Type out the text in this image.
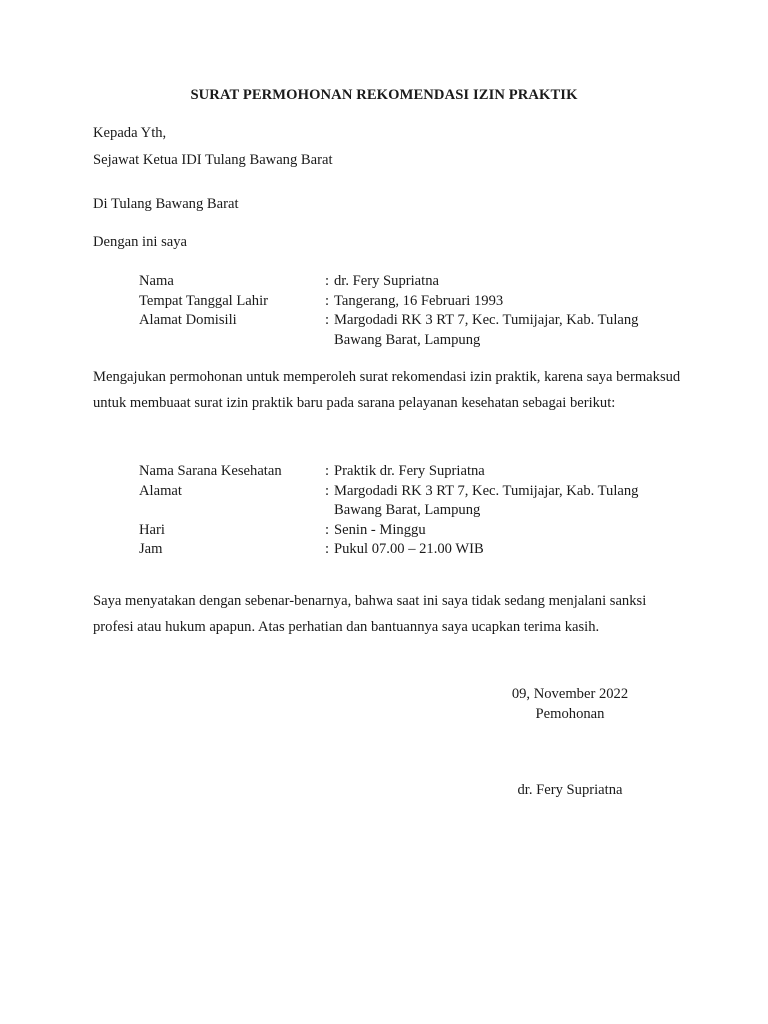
SURAT PERMOHONAN REKOMENDASI IZIN PRAKTIK
Kepada Yth,
Sejawat Ketua IDI Tulang Bawang Barat
Di Tulang Bawang Barat
Dengan ini saya
Nama	: dr. Fery Supriatna
Tempat Tanggal Lahir	: Tangerang, 16 Februari 1993
Alamat Domisili	: Margodadi RK 3 RT 7, Kec. Tumijajar, Kab. Tulang Bawang Barat, Lampung
Mengajukan permohonan untuk memperoleh surat rekomendasi izin praktik, karena saya bermaksud untuk membuaat surat izin praktik baru pada sarana pelayanan kesehatan sebagai berikut:
Nama Sarana Kesehatan	: Praktik dr. Fery Supriatna
Alamat	: Margodadi RK 3 RT 7, Kec. Tumijajar, Kab. Tulang Bawang Barat, Lampung
Hari	: Senin - Minggu
Jam	: Pukul 07.00 – 21.00 WIB
Saya menyatakan dengan sebenar-benarnya, bahwa saat ini saya tidak sedang menjalani sanksi profesi atau hukum apapun. Atas perhatian dan bantuannya saya ucapkan terima kasih.
09, November 2022
Pemohonan
dr. Fery Supriatna
